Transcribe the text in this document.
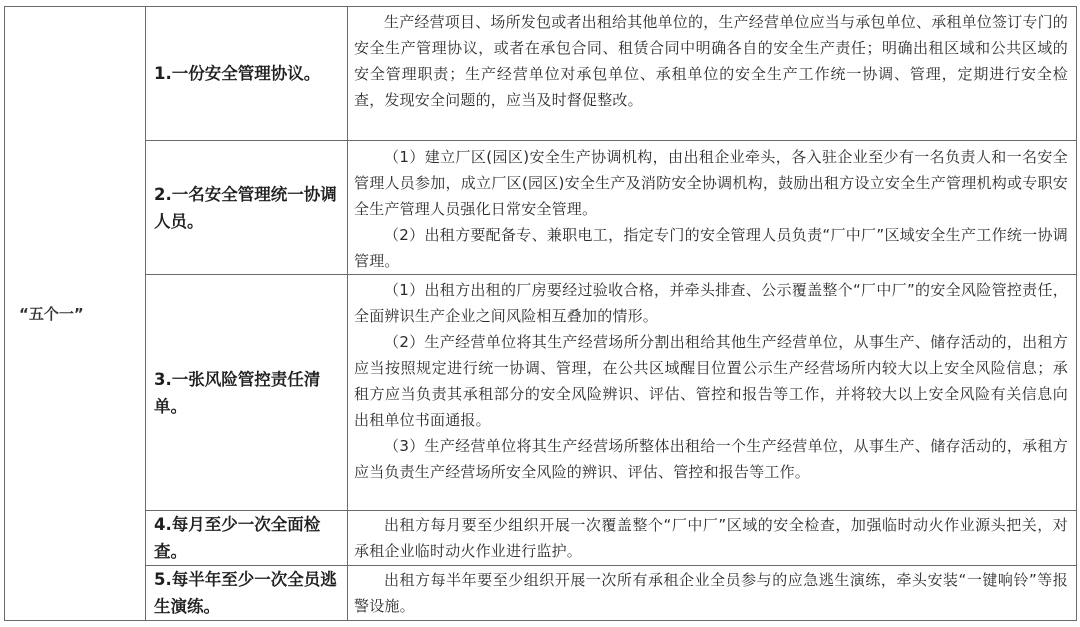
“五个一”	1.一份安全管理协议。	生产经营项目、场所发包或者出租给其他单位的，生产经营单位应当与承包单位、承租单位签订专门的安全生产管理协议，或者在承包合同、租赁合同中明确各自的安全生产责任；明确出租区域和公共区域的安全管理职责；生产经营单位对承包单位、承租单位的安全生产工作统一协调、管理，定期进行安全检查，发现安全问题的，应当及时督促整改。

	2.一名安全管理统一协调人员。	（1）建立厂区(园区)安全生产协调机构，由出租企业牵头，各入驻企业至少有一名负责人和一名安全管理人员参加，成立厂区(园区)安全生产及消防安全协调机构，鼓励出租方设立安全生产管理机构或专职安全生产管理人员强化日常安全管理。

（2）出租方要配备专、兼职电工，指定专门的安全管理人员负责“厂中厂”区域安全生产工作统一协调管理。

	3.一张风险管控责任清单。	（1）出租方出租的厂房要经过验收合格，并牵头排查、公示覆盖整个“厂中厂”的安全风险管控责任，全面辨识生产企业之间风险相互叠加的情形。

（2）生产经营单位将其生产经营场所分割出租给其他生产经营单位，从事生产、储存活动的，出租方应当按照规定进行统一协调、管理，在公共区域醒目位置公示生产经营场所内较大以上安全风险信息；承租方应当负责其承租部分的安全风险辨识、评估、管控和报告等工作，并将较大以上安全风险有关信息向出租单位书面通报。

（3）生产经营单位将其生产经营场所整体出租给一个生产经营单位，从事生产、储存活动的，承租方应当负责生产经营场所安全风险的辨识、评估、管控和报告等工作。

	4.每月至少一次全面检查。	出租方每月要至少组织开展一次覆盖整个“厂中厂”区域的安全检查，加强临时动火作业源头把关，对承租企业临时动火作业进行监护。

	5.每半年至少一次全员逃生演练。	出租方每半年要至少组织开展一次所有承租企业全员参与的应急逃生演练，牵头安装“一键响铃”等报警设施。
